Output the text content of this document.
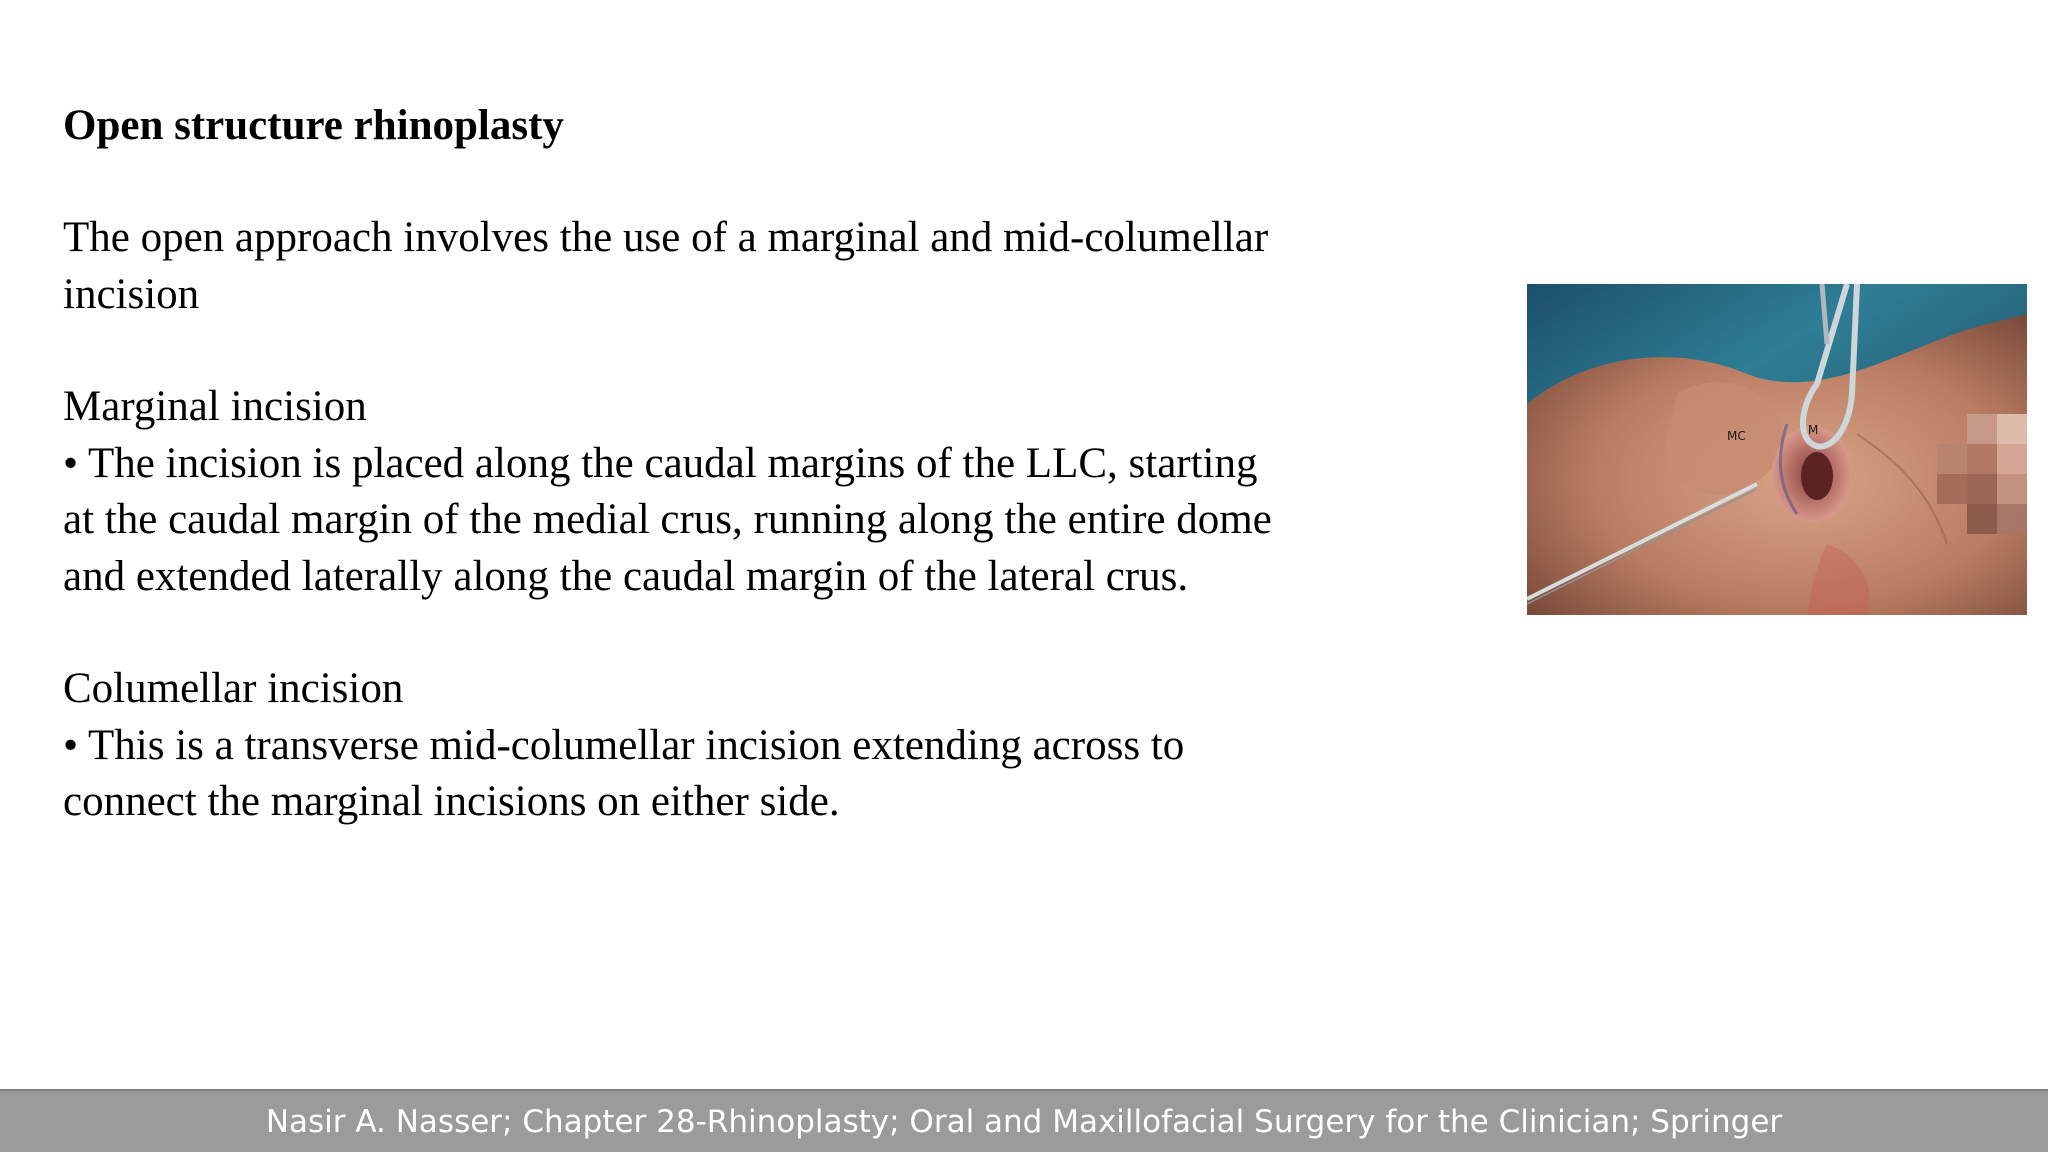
Open structure rhinoplasty

The open approach involves the use of a marginal and mid-columellar

incision

Marginal incision

• The incision is placed along the caudal margins of the LLC, starting

at the caudal margin of the medial crus, running along the entire dome

and extended laterally along the caudal margin of the lateral crus.

Columellar incision

• This is a transverse mid-columellar incision extending across to

connect the marginal incisions on either side.

MC	M
Nasir A. Nasser; Chapter 28-Rhinoplasty; Oral and Maxillofacial Surgery for the Clinician; Springer
